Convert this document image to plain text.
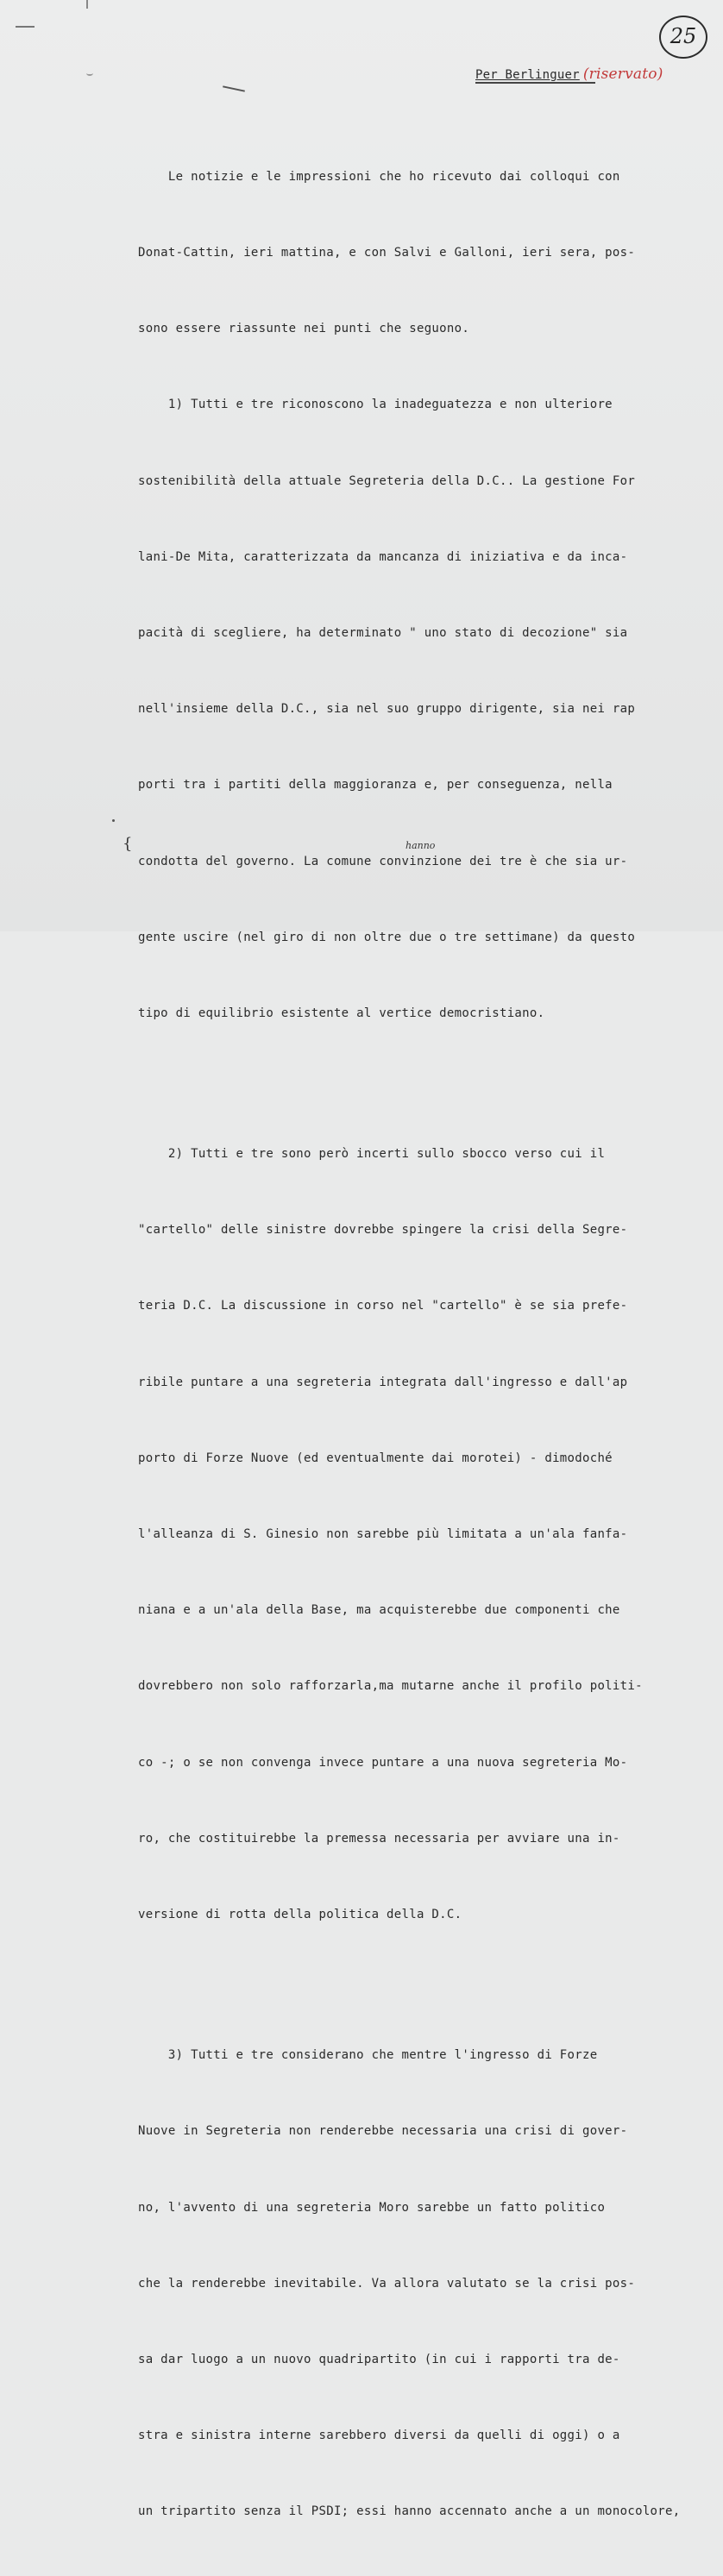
25
Per Berlinguer (riservato)
{	hanno

Le notizie e le impressioni che ho ricevuto dai colloqui con

Donat-Cattin, ieri mattina, e con Salvi e Galloni, ieri sera, pos-

sono essere riassunte nei punti che seguono.

1) Tutti e tre riconoscono la inadeguatezza e non ulteriore

sostenibilità della attuale Segreteria della D.C.. La gestione For

lani-De Mita, caratterizzata da mancanza di iniziativa e da inca-

pacità di scegliere, ha determinato " uno stato di decozione" sia

nell'insieme della D.C., sia nel suo gruppo dirigente, sia nei rap

porti tra i partiti della maggioranza e, per conseguenza, nella

condotta del governo. La comune convinzione dei tre è che sia ur-

gente uscire (nel giro di non oltre due o tre settimane) da questo

tipo di equilibrio esistente al vertice democristiano.

2) Tutti e tre sono però incerti sullo sbocco verso cui il

"cartello" delle sinistre dovrebbe spingere la crisi della Segre-

teria D.C. La discussione in corso nel "cartello" è se sia prefe-

ribile puntare a una segreteria integrata dall'ingresso e dall'ap

porto di Forze Nuove (ed eventualmente dai morotei) - dimodoché

l'alleanza di S. Ginesio non sarebbe più limitata a un'ala fanfa-

niana e a un'ala della Base, ma acquisterebbe due componenti che

dovrebbero non solo rafforzarla,ma mutarne anche il profilo politi-

co -; o se non convenga invece puntare a una nuova segreteria Mo-

ro, che costituirebbe la premessa necessaria per avviare una in-

versione di rotta della politica della D.C.

3) Tutti e tre considerano che mentre l'ingresso di Forze

Nuove in Segreteria non renderebbe necessaria una crisi di gover-

no, l'avvento di una segreteria Moro sarebbe un fatto politico

che la renderebbe inevitabile. Va allora valutato se la crisi pos-

sa dar luogo a un nuovo quadripartito (in cui i rapporti tra de-

stra e sinistra interne sarebbero diversi da quelli di oggi) o a

un tripartito senza il PSDI; essi hanno accennato anche a un monocolore,
